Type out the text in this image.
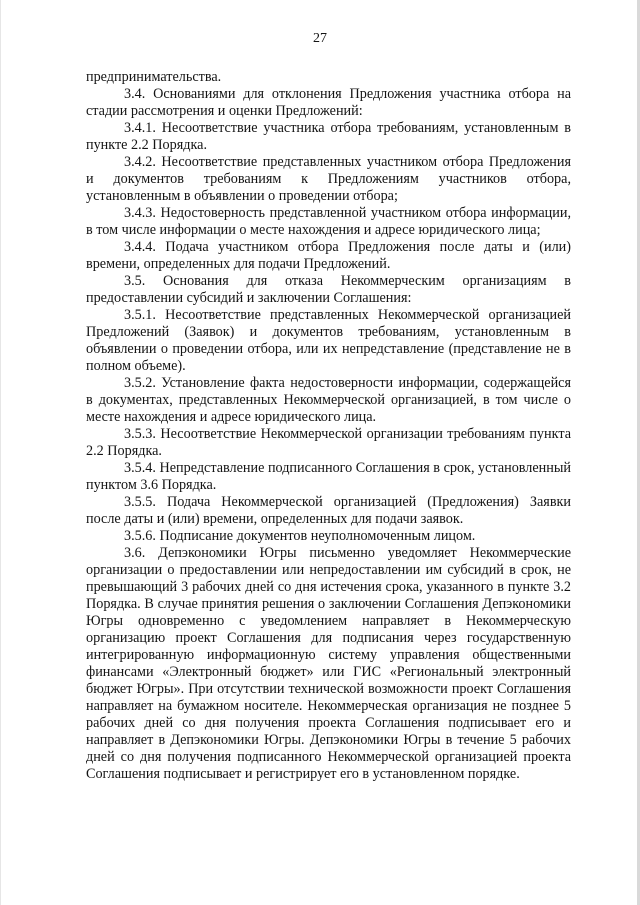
27

предпринимательства.

3.4. Основаниями для отклонения Предложения участника отбора на стадии рассмотрения и оценки Предложений:

3.4.1. Несоответствие участника отбора требованиям, установленным в пункте 2.2 Порядка.

3.4.2. Несоответствие представленных участником отбора Предложения и документов требованиям к Предложениям участников отбора, установленным в объявлении о проведении отбора;

3.4.3. Недостоверность представленной участником отбора информации, в том числе информации о месте нахождения и адресе юридического лица;

3.4.4. Подача участником отбора Предложения после даты и (или) времени, определенных для подачи Предложений.

3.5. Основания для отказа Некоммерческим организациям в предоставлении субсидий и заключении Соглашения:

3.5.1. Несоответствие представленных Некоммерческой организацией Предложений (Заявок) и документов требованиям, установленным в объявлении о проведении отбора, или их непредставление (представление не в полном объеме).

3.5.2. Установление факта недостоверности информации, содержащейся в документах, представленных Некоммерческой организацией, в том числе о месте нахождения и адресе юридического лица.

3.5.3. Несоответствие Некоммерческой организации требованиям пункта 2.2 Порядка.

3.5.4. Непредставление подписанного Соглашения в срок, установленный пунктом 3.6 Порядка.

3.5.5. Подача Некоммерческой организацией (Предложения) Заявки после даты и (или) времени, определенных для подачи заявок.

3.5.6. Подписание документов неуполномоченным лицом.

3.6. Депэкономики Югры письменно уведомляет Некоммерческие организации о предоставлении или непредоставлении им субсидий в срок, не превышающий 3 рабочих дней со дня истечения срока, указанного в пункте 3.2 Порядка. В случае принятия решения о заключении Соглашения Депэкономики Югры одновременно с уведомлением направляет в Некоммерческую организацию проект Соглашения для подписания через государственную интегрированную информационную систему управления общественными финансами «Электронный бюджет» или ГИС «Региональный электронный бюджет Югры». При отсутствии технической возможности проект Соглашения направляет на бумажном носителе. Некоммерческая организация не позднее 5 рабочих дней со дня получения проекта Соглашения подписывает его и направляет в Депэкономики Югры. Депэкономики Югры в течение 5 рабочих дней со дня получения подписанного Некоммерческой организацией проекта Соглашения подписывает и регистрирует его в установленном порядке.
